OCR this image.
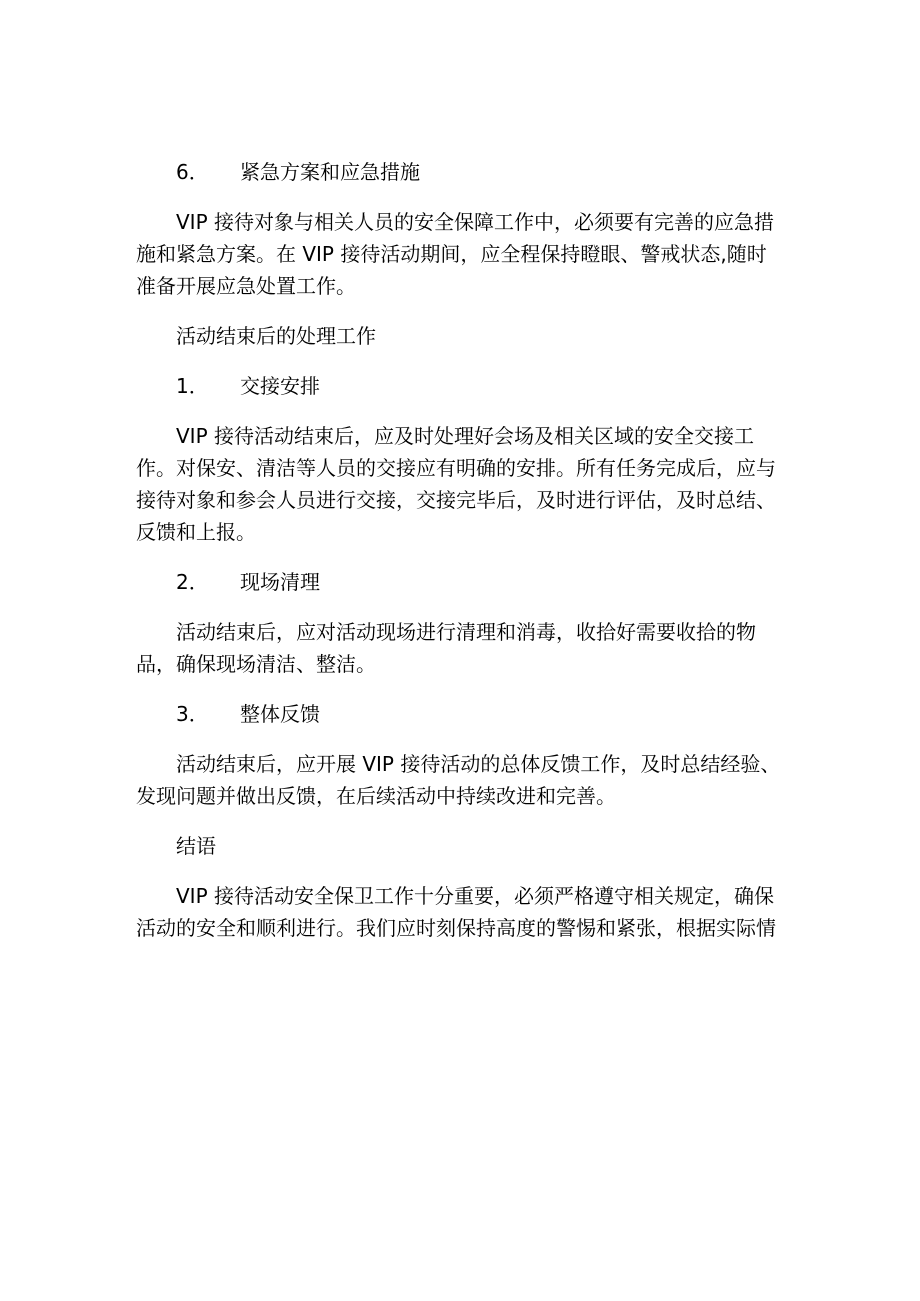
6． 紧急方案和应急措施

VIP 接待对象与相关人员的安全保障工作中，必须要有完善的应急措

施和紧急方案。在 VIP 接待活动期间，应全程保持瞪眼、警戒状态,随时

准备开展应急处置工作。

活动结束后的处理工作

1． 交接安排

VIP 接待活动结束后，应及时处理好会场及相关区域的安全交接工

作。对保安、清洁等人员的交接应有明确的安排。所有任务完成后，应与

接待对象和参会人员进行交接，交接完毕后，及时进行评估，及时总结、

反馈和上报。

2． 现场清理

活动结束后，应对活动现场进行清理和消毒，收拾好需要收拾的物

品，确保现场清洁、整洁。

3． 整体反馈

活动结束后，应开展 VIP 接待活动的总体反馈工作，及时总结经验、

发现问题并做出反馈，在后续活动中持续改进和完善。

结语

VIP 接待活动安全保卫工作十分重要，必须严格遵守相关规定，确保

活动的安全和顺利进行。我们应时刻保持高度的警惕和紧张，根据实际情
